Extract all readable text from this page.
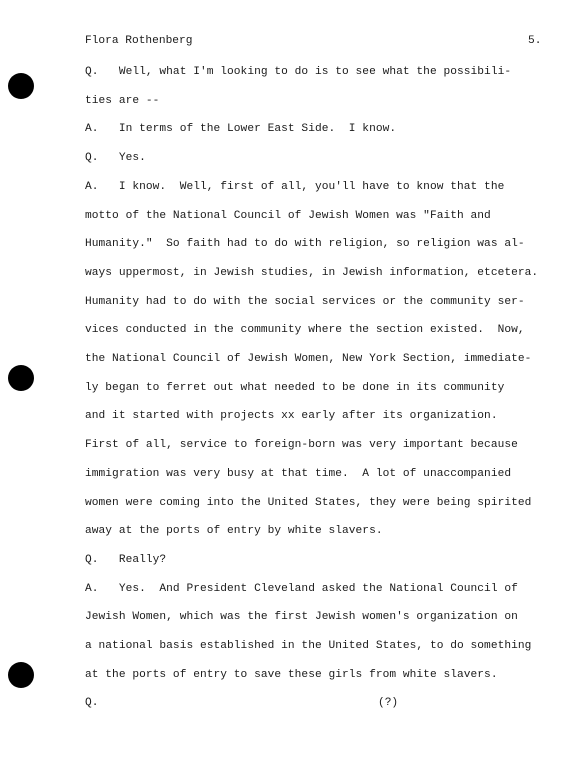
Flora Rothenberg	5.
Q.   Well, what I'm looking to do is to see what the possibili-
ties are --
A.   In terms of the Lower East Side.  I know.
Q.   Yes.
A.   I know.  Well, first of all, you'll have to know that the
motto of the National Council of Jewish Women was "Faith and
Humanity."  So faith had to do with religion, so religion was al-
ways uppermost, in Jewish studies, in Jewish information, etcetera.
Humanity had to do with the social services or the community ser-
vices conducted in the community where the section existed.  Now,
the National Council of Jewish Women, New York Section, immediate-
ly began to ferret out what needed to be done in its community
and it started with projects xx early after its organization.
First of all, service to foreign-born was very important because
immigration was very busy at that time.  A lot of unaccompanied
women were coming into the United States, they were being spirited
away at the ports of entry by white slavers.
Q.   Really?
A.   Yes.  And President Cleveland asked the National Council of
Jewish Women, which was the first Jewish women's organization on
a national basis established in the United States, to do something
at the ports of entry to save these girls from white slavers.
Q.	(?)
